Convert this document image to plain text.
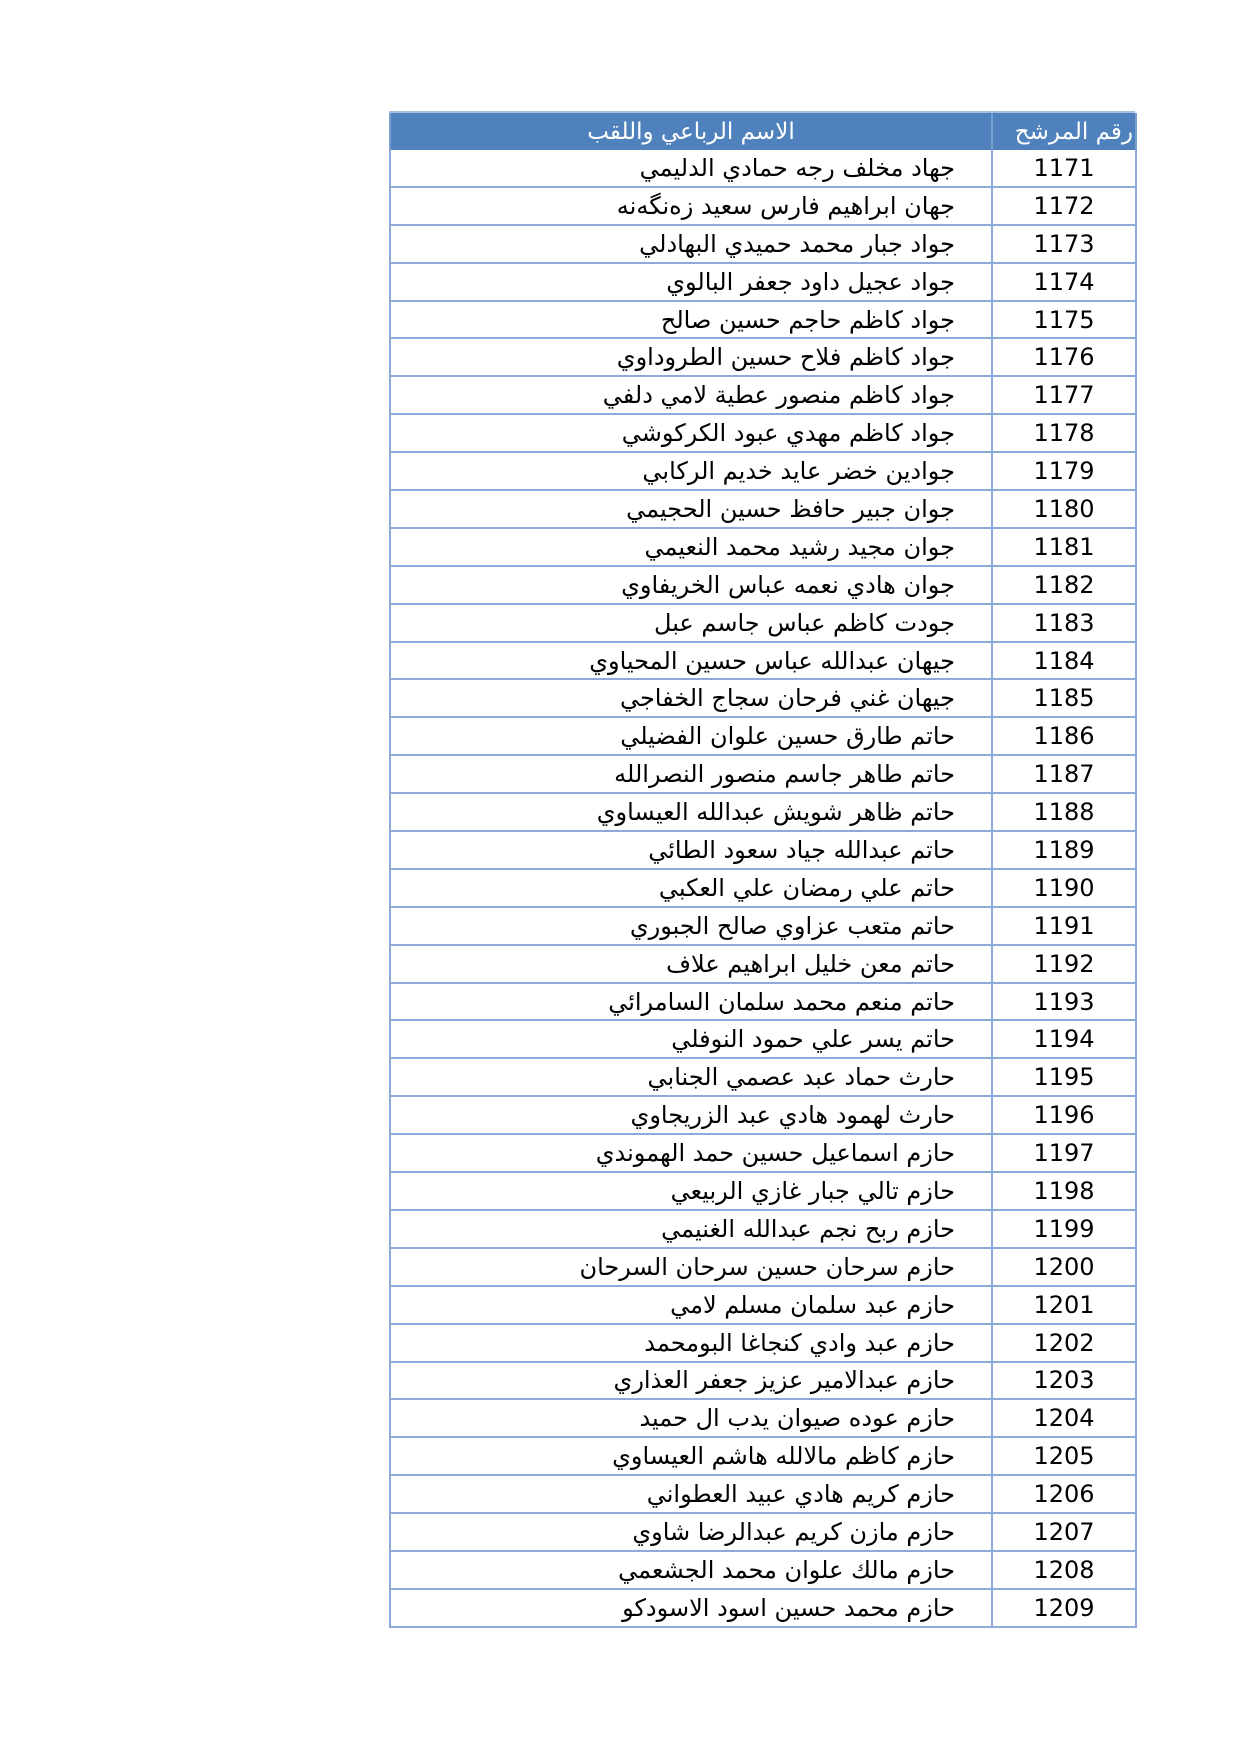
رقم المرشح	الاسم الرباعي واللقب
1171	جهاد مخلف رجه حمادي الدليمي
1172	جهان ابراهيم فارس سعيد زەنگەنه
1173	جواد جبار محمد حميدي البهادلي
1174	جواد عجيل داود جعفر البالوي
1175	جواد كاظم حاجم حسين صالح
1176	جواد كاظم فلاح حسين الطروداوي
1177	جواد كاظم منصور عطية لامي دلفي
1178	جواد كاظم مهدي عبود الكركوشي
1179	جوادين خضر عايد خديم الركابي
1180	جوان جبير حافظ حسين الحجيمي
1181	جوان مجيد رشيد محمد النعيمي
1182	جوان هادي نعمه عباس الخريفاوي
1183	جودت كاظم عباس جاسم عبل
1184	جيهان عبدالله عباس حسين المحياوي
1185	جيهان غني فرحان سجاج الخفاجي
1186	حاتم طارق حسين علوان الفضيلي
1187	حاتم طاهر جاسم منصور النصرالله
1188	حاتم ظاهر شويش عبدالله العيساوي
1189	حاتم عبدالله جياد سعود الطائي
1190	حاتم علي رمضان علي العكبي
1191	حاتم متعب عزاوي صالح الجبوري
1192	حاتم معن خليل ابراهيم علاف
1193	حاتم منعم محمد سلمان السامرائي
1194	حاتم يسر علي حمود النوفلي
1195	حارث حماد عبد عصمي الجنابي
1196	حارث لهمود هادي عبد الزريجاوي
1197	حازم اسماعيل حسين حمد الهموندي
1198	حازم تالي جبار غازي الربيعي
1199	حازم ربح نجم عبدالله الغنيمي
1200	حازم سرحان حسين سرحان السرحان
1201	حازم عبد سلمان مسلم لامي
1202	حازم عبد وادي كنجاغا البومحمد
1203	حازم عبدالامير عزيز جعفر العذاري
1204	حازم عوده صيوان يدب ال حميد
1205	حازم كاظم مالالله هاشم العيساوي
1206	حازم كريم هادي عبيد العطواني
1207	حازم مازن كريم عبدالرضا شاوي
1208	حازم مالك علوان محمد الجشعمي
1209	حازم محمد حسين اسود الاسودكو
